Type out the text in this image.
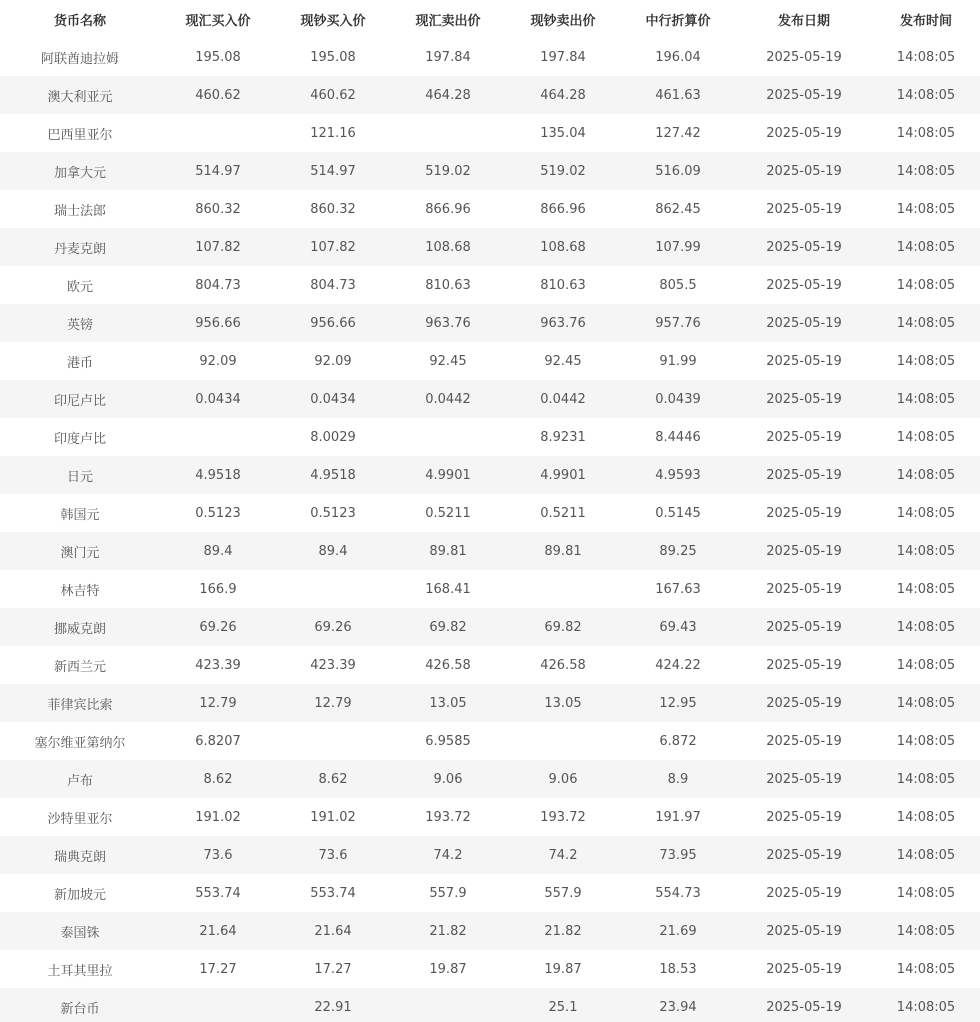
货币名称	现汇买入价	现钞买入价	现汇卖出价	现钞卖出价	中行折算价	发布日期	发布时间
阿联酋迪拉姆	195.08	195.08	197.84	197.84	196.04	2025-05-19	14:08:05
澳大利亚元	460.62	460.62	464.28	464.28	461.63	2025-05-19	14:08:05
巴西里亚尔		121.16		135.04	127.42	2025-05-19	14:08:05
加拿大元	514.97	514.97	519.02	519.02	516.09	2025-05-19	14:08:05
瑞士法郎	860.32	860.32	866.96	866.96	862.45	2025-05-19	14:08:05
丹麦克朗	107.82	107.82	108.68	108.68	107.99	2025-05-19	14:08:05
欧元	804.73	804.73	810.63	810.63	805.5	2025-05-19	14:08:05
英镑	956.66	956.66	963.76	963.76	957.76	2025-05-19	14:08:05
港币	92.09	92.09	92.45	92.45	91.99	2025-05-19	14:08:05
印尼卢比	0.0434	0.0434	0.0442	0.0442	0.0439	2025-05-19	14:08:05
印度卢比		8.0029		8.9231	8.4446	2025-05-19	14:08:05
日元	4.9518	4.9518	4.9901	4.9901	4.9593	2025-05-19	14:08:05
韩国元	0.5123	0.5123	0.5211	0.5211	0.5145	2025-05-19	14:08:05
澳门元	89.4	89.4	89.81	89.81	89.25	2025-05-19	14:08:05
林吉特	166.9		168.41		167.63	2025-05-19	14:08:05
挪威克朗	69.26	69.26	69.82	69.82	69.43	2025-05-19	14:08:05
新西兰元	423.39	423.39	426.58	426.58	424.22	2025-05-19	14:08:05
菲律宾比索	12.79	12.79	13.05	13.05	12.95	2025-05-19	14:08:05
塞尔维亚第纳尔	6.8207		6.9585		6.872	2025-05-19	14:08:05
卢布	8.62	8.62	9.06	9.06	8.9	2025-05-19	14:08:05
沙特里亚尔	191.02	191.02	193.72	193.72	191.97	2025-05-19	14:08:05
瑞典克朗	73.6	73.6	74.2	74.2	73.95	2025-05-19	14:08:05
新加坡元	553.74	553.74	557.9	557.9	554.73	2025-05-19	14:08:05
泰国铢	21.64	21.64	21.82	21.82	21.69	2025-05-19	14:08:05
土耳其里拉	17.27	17.27	19.87	19.87	18.53	2025-05-19	14:08:05
新台币		22.91		25.1	23.94	2025-05-19	14:08:05
